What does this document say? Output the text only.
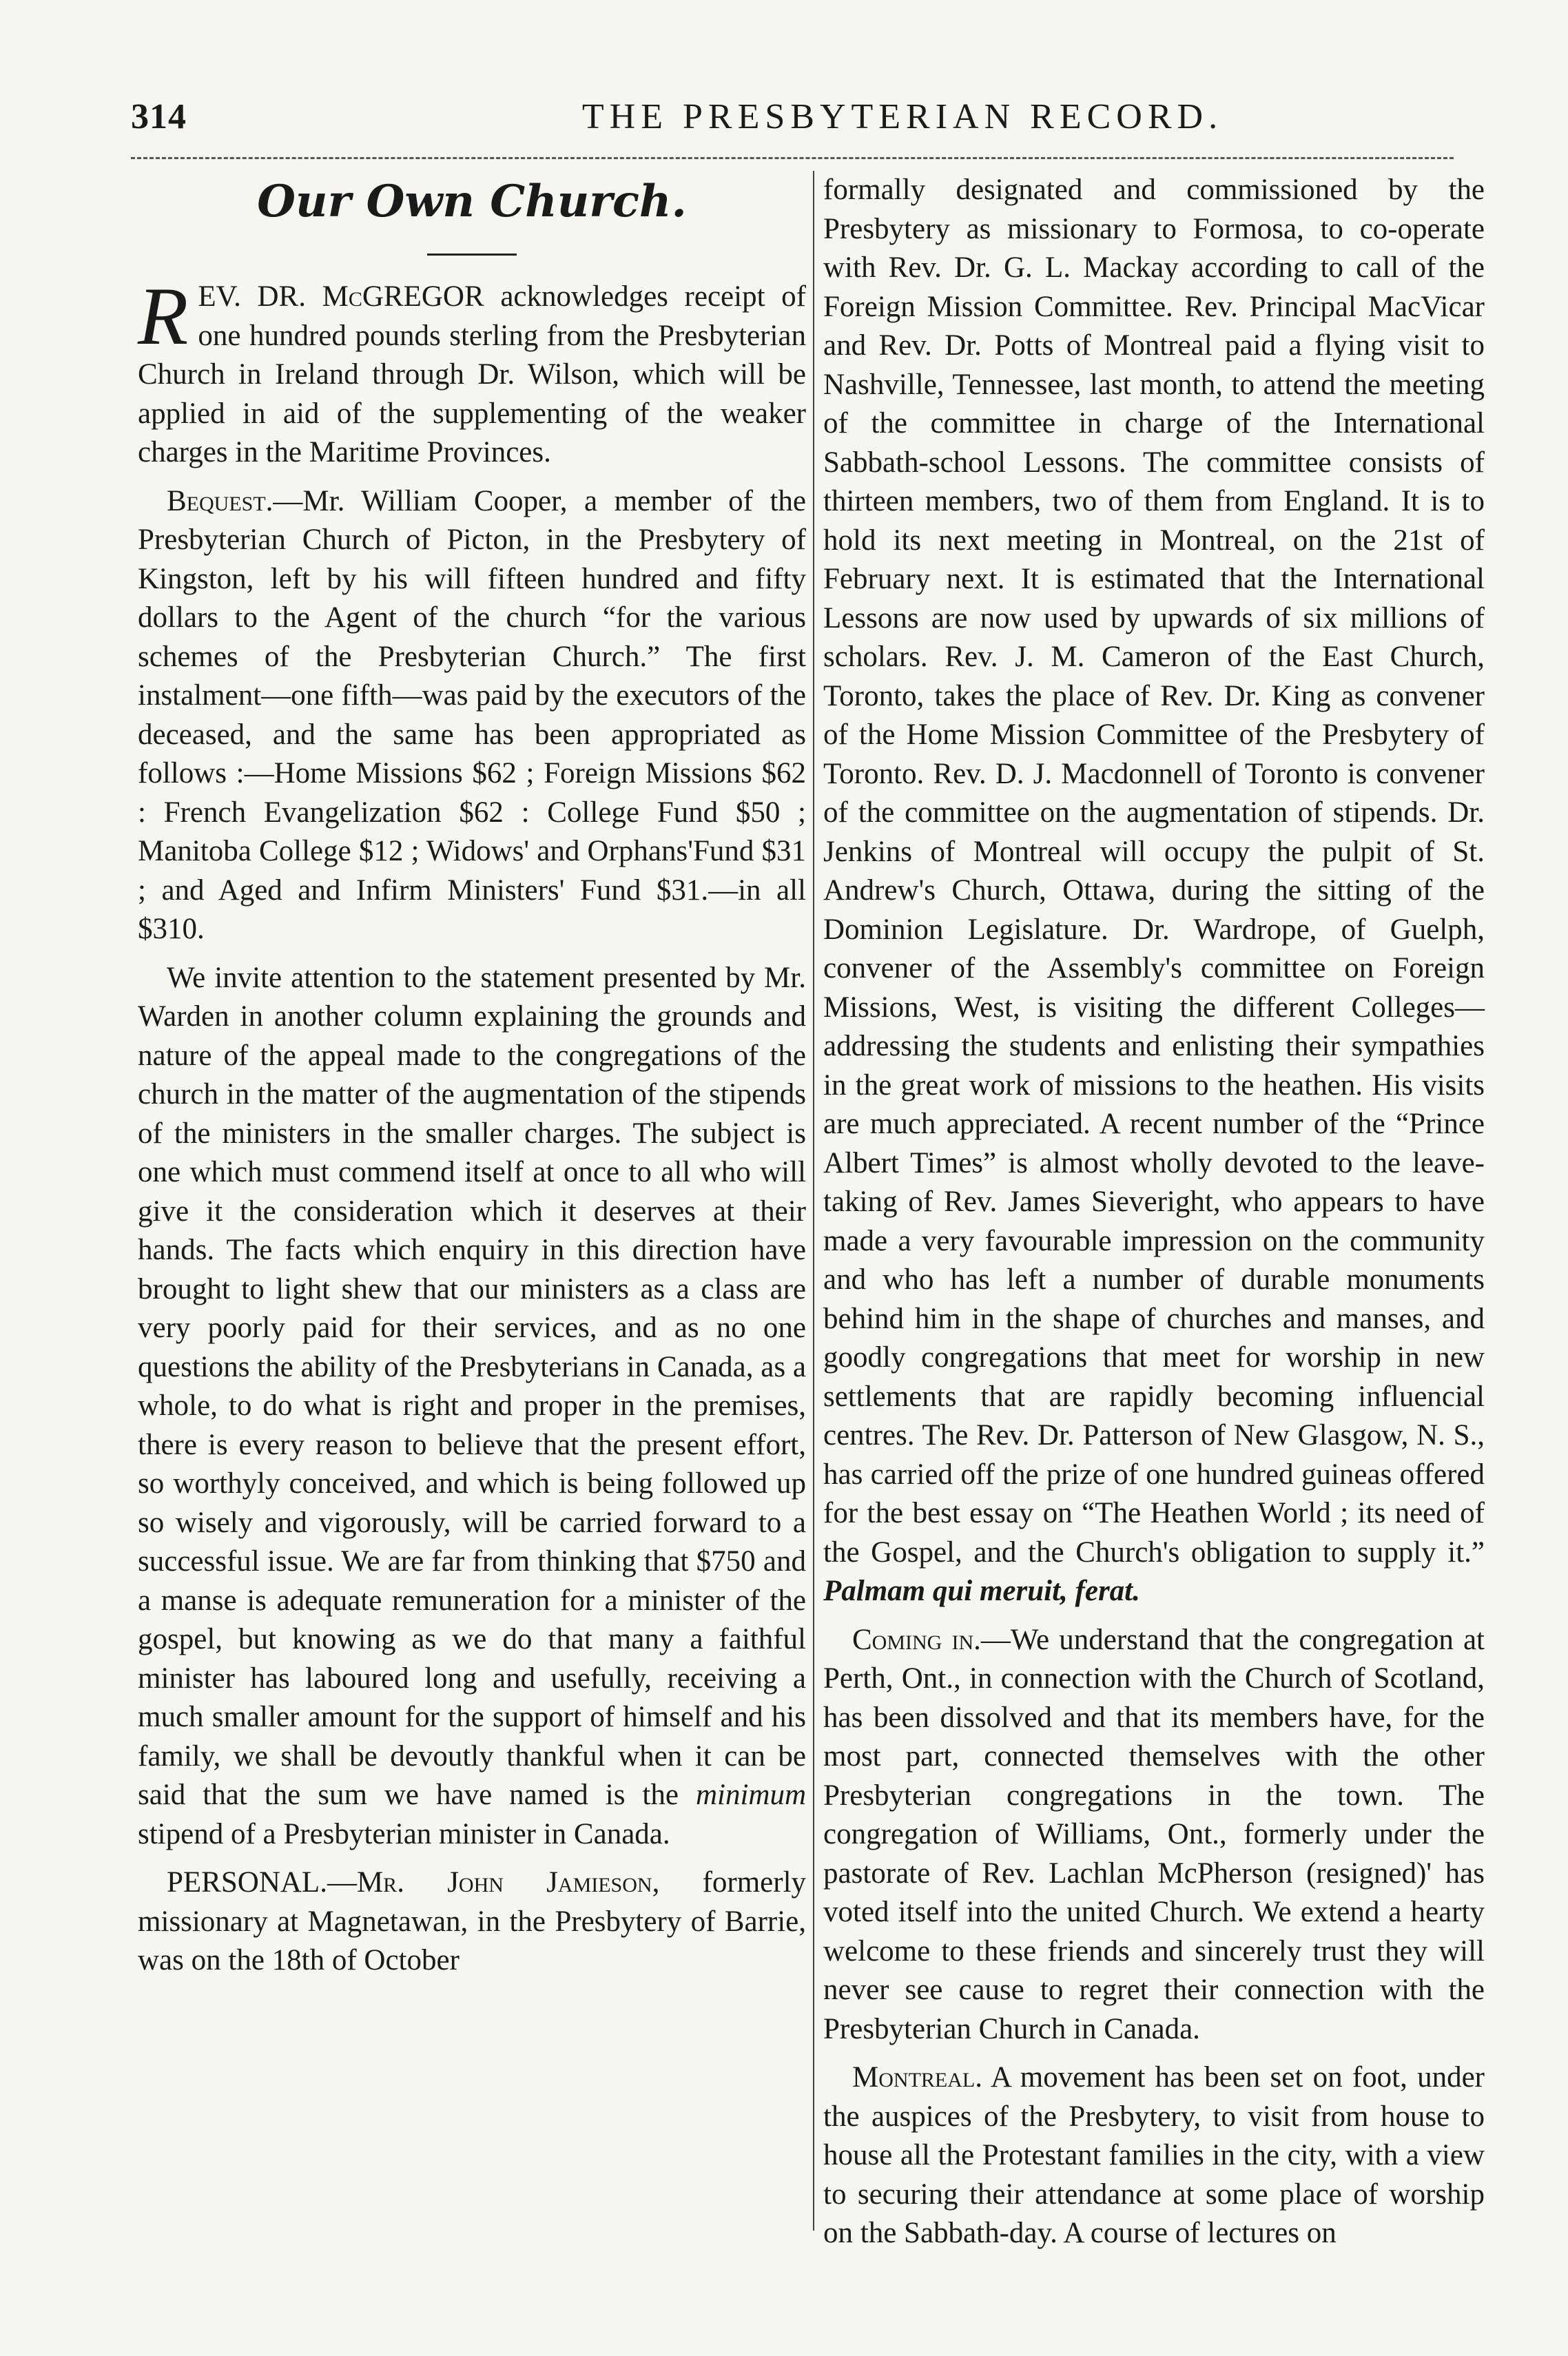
314	THE PRESBYTERIAN RECORD.
Our Own Church.

REV. DR. McGREGOR acknowledges receipt of one hundred pounds sterling from the Presbyterian Church in Ireland through Dr. Wilson, which will be applied in aid of the supplementing of the weaker charges in the Maritime Provinces.

Bequest.—Mr. William Cooper, a member of the Presbyterian Church of Picton, in the Presbytery of Kingston, left by his will fifteen hundred and fifty dollars to the Agent of the church “for the various schemes of the Presbyterian Church.” The first instalment—one fifth—was paid by the executors of the deceased, and the same has been appropriated as follows :—Home Missions $62 ; Foreign Missions $62 : French Evangelization $62 : College Fund $50 ; Manitoba College $12 ; Widows' and Orphans'Fund $31 ; and Aged and Infirm Ministers' Fund $31.—in all $310.

We invite attention to the statement presented by Mr. Warden in another column explaining the grounds and nature of the appeal made to the congregations of the church in the matter of the augmentation of the stipends of the ministers in the smaller charges. The subject is one which must commend itself at once to all who will give it the consideration which it deserves at their hands. The facts which enquiry in this direction have brought to light shew that our ministers as a class are very poorly paid for their services, and as no one questions the ability of the Presbyterians in Canada, as a whole, to do what is right and proper in the premises, there is every reason to believe that the present effort, so worthyly conceived, and which is being followed up so wisely and vigorously, will be carried forward to a successful issue. We are far from thinking that $750 and a manse is adequate remuneration for a minister of the gospel, but knowing as we do that many a faithful minister has laboured long and usefully, receiving a much smaller amount for the support of himself and his family, we shall be devoutly thankful when it can be said that the sum we have named is the minimum stipend of a Presbyterian minister in Canada.

PERSONAL.—Mr. John Jamieson, formerly missionary at Magnetawan, in the Presbytery of Barrie, was on the 18th of October

formally designated and commissioned by the Presbytery as missionary to Formosa, to co-operate with Rev. Dr. G. L. Mackay according to call of the Foreign Mission Committee. Rev. Principal MacVicar and Rev. Dr. Potts of Montreal paid a flying visit to Nashville, Tennessee, last month, to attend the meeting of the committee in charge of the International Sabbath-school Lessons. The committee consists of thirteen members, two of them from England. It is to hold its next meeting in Montreal, on the 21st of February next. It is estimated that the International Lessons are now used by upwards of six millions of scholars. Rev. J. M. Cameron of the East Church, Toronto, takes the place of Rev. Dr. King as convener of the Home Mission Committee of the Presbytery of Toronto. Rev. D. J. Macdonnell of Toronto is convener of the committee on the augmentation of stipends. Dr. Jenkins of Montreal will occupy the pulpit of St. Andrew's Church, Ottawa, during the sitting of the Dominion Legislature. Dr. Wardrope, of Guelph, convener of the Assembly's committee on Foreign Missions, West, is visiting the different Colleges—addressing the students and enlisting their sympathies in the great work of missions to the heathen. His visits are much appreciated. A recent number of the “Prince Albert Times” is almost wholly devoted to the leave-taking of Rev. James Sieveright, who appears to have made a very favourable impression on the community and who has left a number of durable monuments behind him in the shape of churches and manses, and goodly congregations that meet for worship in new settlements that are rapidly becoming influencial centres. The Rev. Dr. Patterson of New Glasgow, N. S., has carried off the prize of one hundred guineas offered for the best essay on “The Heathen World ; its need of the Gospel, and the Church's obligation to supply it.” Palmam qui meruit, ferat.

Coming in.—We understand that the congregation at Perth, Ont., in connection with the Church of Scotland, has been dissolved and that its members have, for the most part, connected themselves with the other Presbyterian congregations in the town. The congregation of Williams, Ont., formerly under the pastorate of Rev. Lachlan McPherson (resigned)' has voted itself into the united Church. We extend a hearty welcome to these friends and sincerely trust they will never see cause to regret their connection with the Presbyterian Church in Canada.

Montreal. A movement has been set on foot, under the auspices of the Presbytery, to visit from house to house all the Protestant families in the city, with a view to securing their attendance at some place of worship on the Sabbath-day. A course of lectures on
